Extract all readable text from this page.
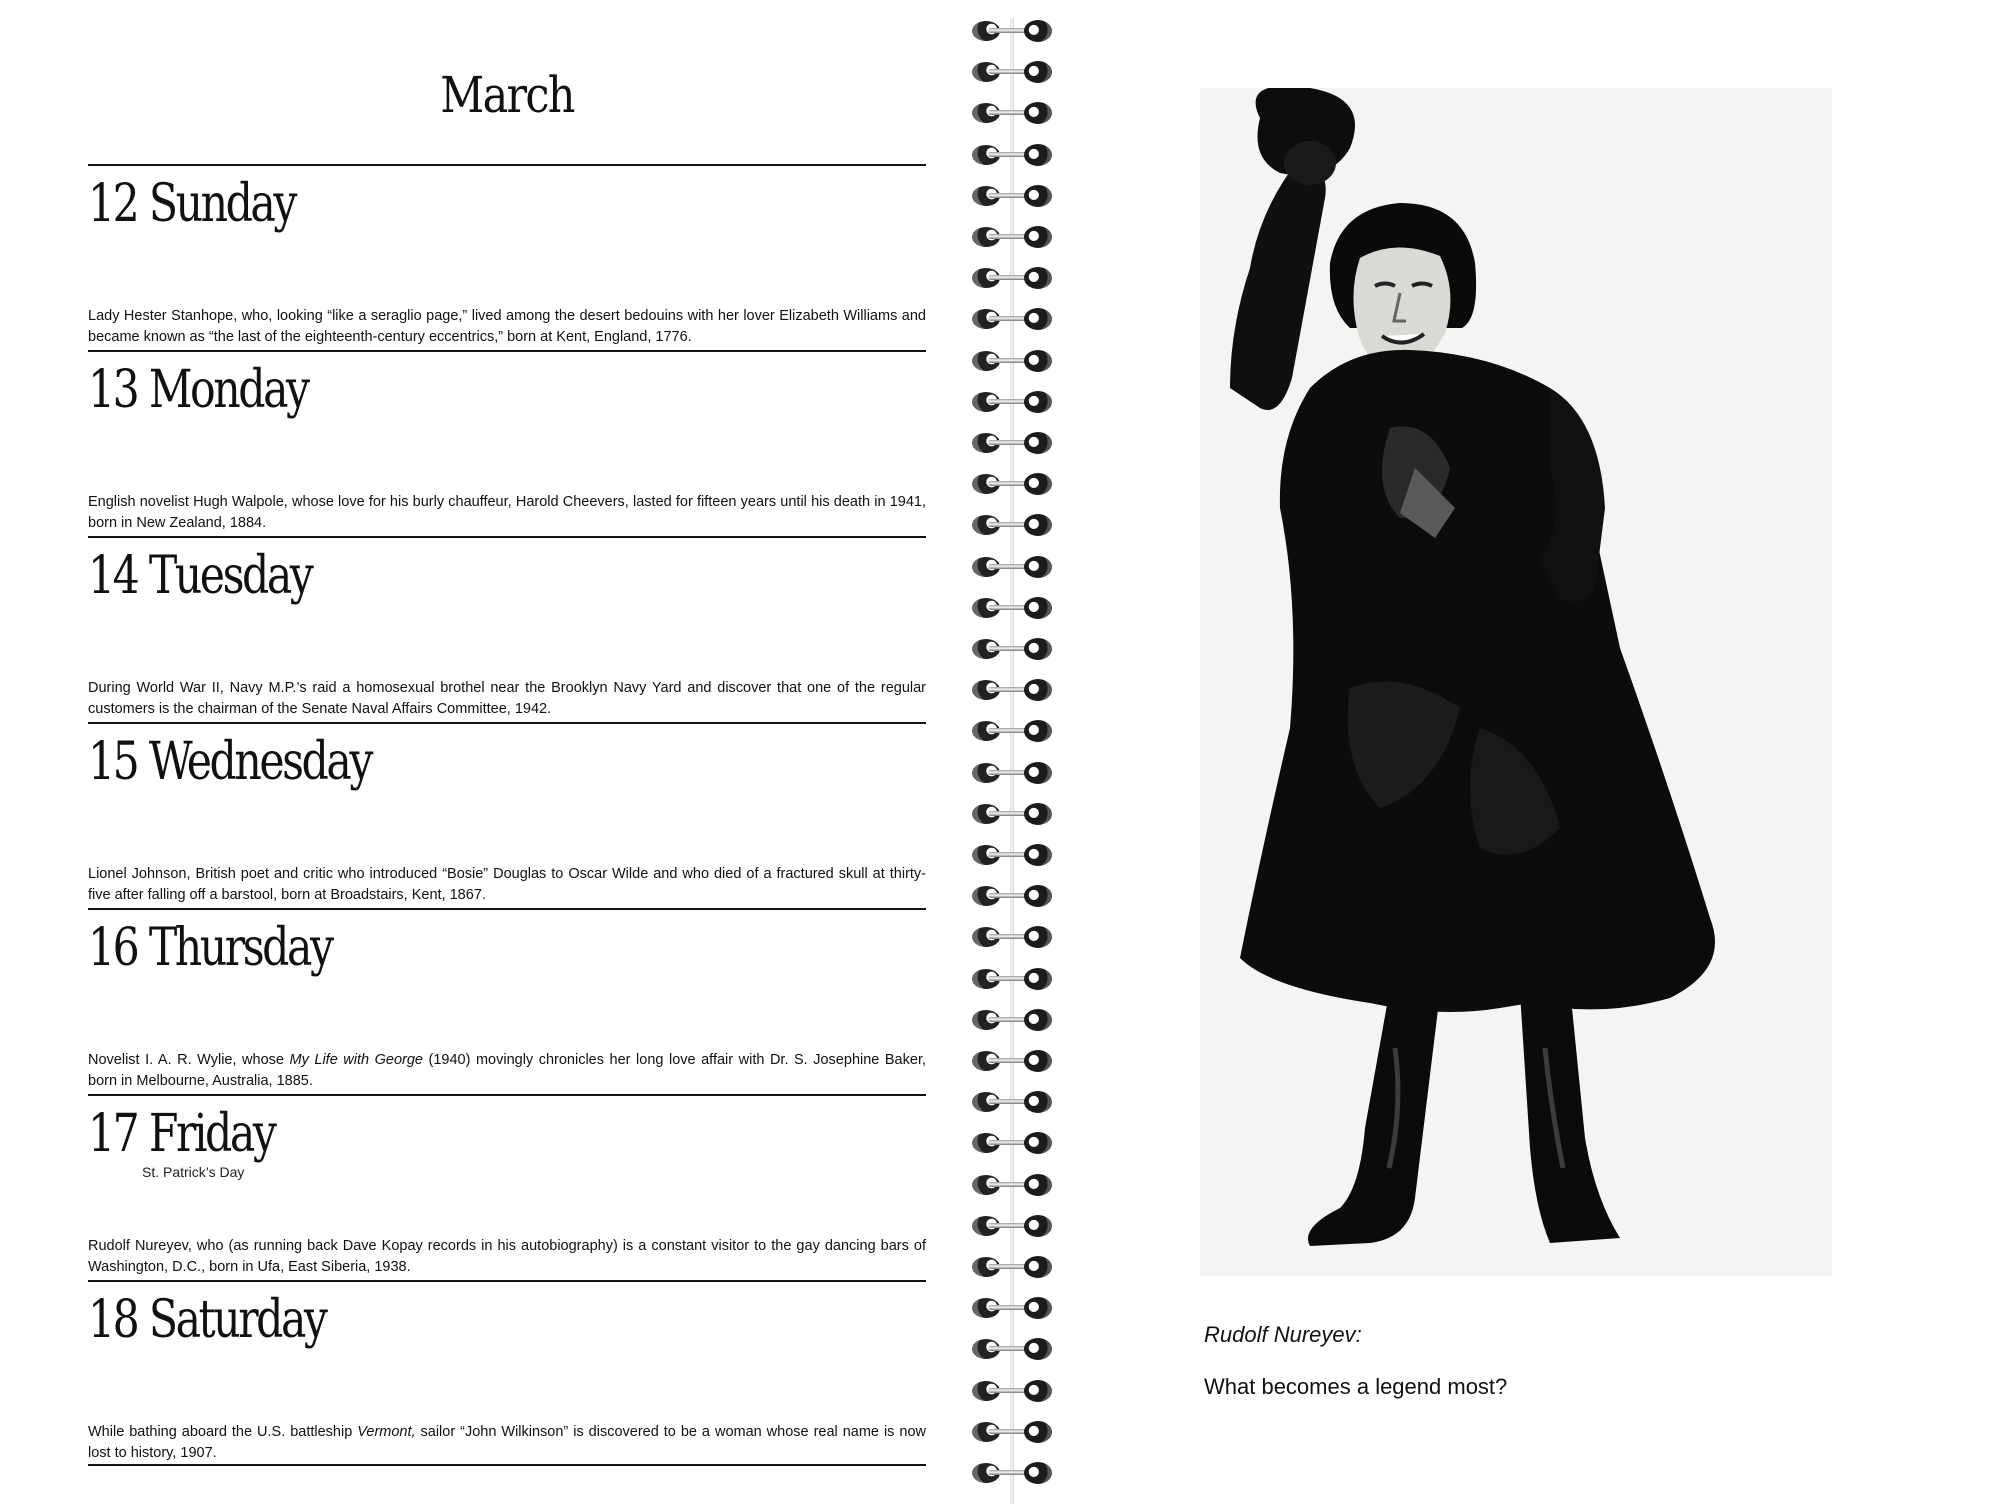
March
12 Sunday
Lady Hester Stanhope, who, looking “like a seraglio page,” lived among the desert bedouins with her lover Elizabeth Williams and became known as “the last of the eighteenth-century eccentrics,” born at Kent, England, 1776.
13 Monday
English novelist Hugh Walpole, whose love for his burly chauffeur, Harold Cheevers, lasted for fifteen years until his death in 1941, born in New Zealand, 1884.
14 Tuesday
During World War II, Navy M.P.’s raid a homosexual brothel near the Brooklyn Navy Yard and discover that one of the regular customers is the chairman of the Senate Naval Affairs Committee, 1942.
15 Wednesday
Lionel Johnson, British poet and critic who introduced “Bosie” Douglas to Oscar Wilde and who died of a fractured skull at thirty-five after falling off a barstool, born at Broadstairs, Kent, 1867.
16 Thursday
Novelist I. A. R. Wylie, whose My Life with George (1940) movingly chronicles her long love affair with Dr. S. Josephine Baker, born in Melbourne, Australia, 1885.
17 Friday
St. Patrick’s Day
Rudolf Nureyev, who (as running back Dave Kopay records in his autobiography) is a constant visitor to the gay dancing bars of Washington, D.C., born in Ufa, East Siberia, 1938.
18 Saturday
While bathing aboard the U.S. battleship Vermont, sailor “John Wilkinson” is discovered to be a woman whose real name is now lost to history, 1907.
Rudolf Nureyev:
What becomes a legend most?
